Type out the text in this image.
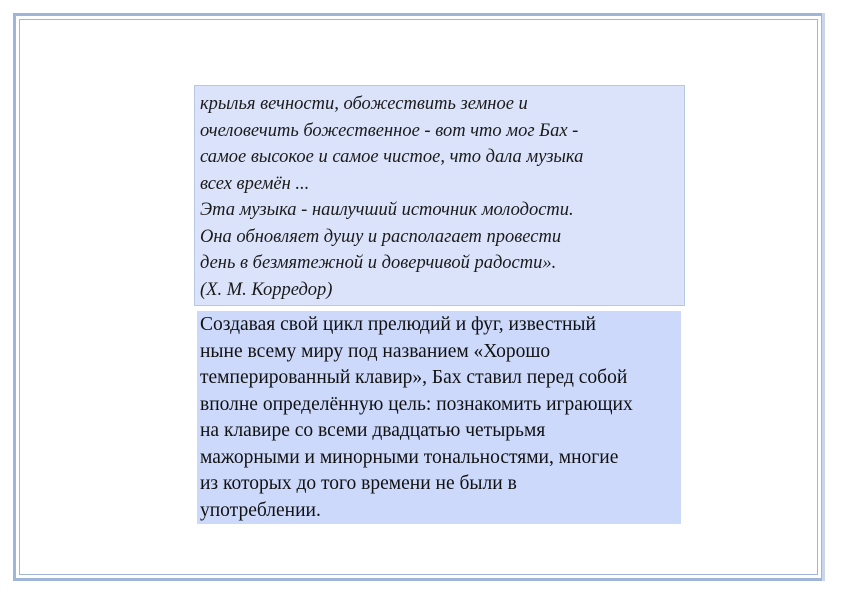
крылья вечности, обожествить земное и
очеловечить божественное - вот что мог Бах -
самое высокое и самое чистое, что дала музыка
всех времён ...
Эта музыка - наилучший источник молодости.
Она обновляет душу и располагает провести
день в безмятежной и доверчивой радости».
(Х. М. Корредор)
Создавая свой цикл прелюдий и фуг, известный
ныне всему миру под названием «Хорошо
темперированный клавир», Бах ставил перед собой
вполне определённую цель: познакомить играющих
на клавире со всеми двадцатью четырьмя
мажорными и минорными тональностями, многие
из которых до того времени не были в
употреблении.
